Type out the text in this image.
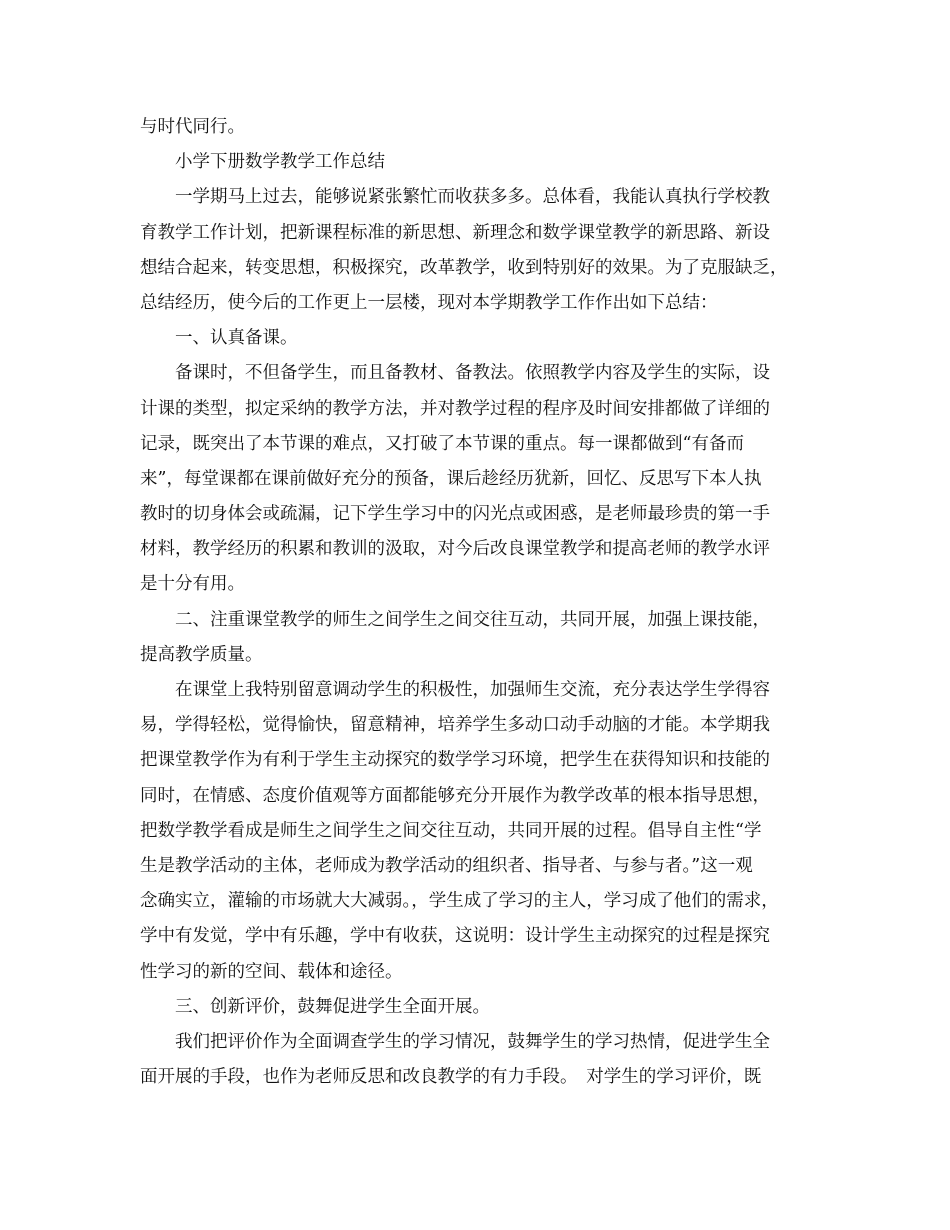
与时代同行。
小学下册数学教学工作总结
一学期马上过去，能够说紧张繁忙而收获多多。总体看，我能认真执行学校教
育教学工作计划，把新课程标准的新思想、新理念和数学课堂教学的新思路、新设
想结合起来，转变思想，积极探究，改革教学，收到特别好的效果。为了克服缺乏，
总结经历，使今后的工作更上一层楼，现对本学期教学工作作出如下总结：
一、认真备课。
备课时，不但备学生，而且备教材、备教法。依照教学内容及学生的实际，设
计课的类型，拟定采纳的教学方法，并对教学过程的程序及时间安排都做了详细的
记录，既突出了本节课的难点，又打破了本节课的重点。每一课都做到“有备而
来”，每堂课都在课前做好充分的预备，课后趁经历犹新，回忆、反思写下本人执
教时的切身体会或疏漏，记下学生学习中的闪光点或困惑，是老师最珍贵的第一手
材料，教学经历的积累和教训的汲取，对今后改良课堂教学和提高老师的教学水评
是十分有用。
二、注重课堂教学的师生之间学生之间交往互动，共同开展，加强上课技能，
提高教学质量。
在课堂上我特别留意调动学生的积极性，加强师生交流，充分表达学生学得容
易，学得轻松，觉得愉快，留意精神，培养学生多动口动手动脑的才能。本学期我
把课堂教学作为有利于学生主动探究的数学学习环境，把学生在获得知识和技能的
同时，在情感、态度价值观等方面都能够充分开展作为教学改革的根本指导思想，
把数学教学看成是师生之间学生之间交往互动，共同开展的过程。倡导自主性“学
生是教学活动的主体，老师成为教学活动的组织者、指导者、与参与者。”这一观
念确实立，灌输的市场就大大减弱。，学生成了学习的主人，学习成了他们的需求，
学中有发觉，学中有乐趣，学中有收获，这说明：设计学生主动探究的过程是探究
性学习的新的空间、载体和途径。
三、创新评价，鼓舞促进学生全面开展。
我们把评价作为全面调查学生的学习情况，鼓舞学生的学习热情，促进学生全
面开展的手段，也作为老师反思和改良教学的有力手段。　对学生的学习评价，既
